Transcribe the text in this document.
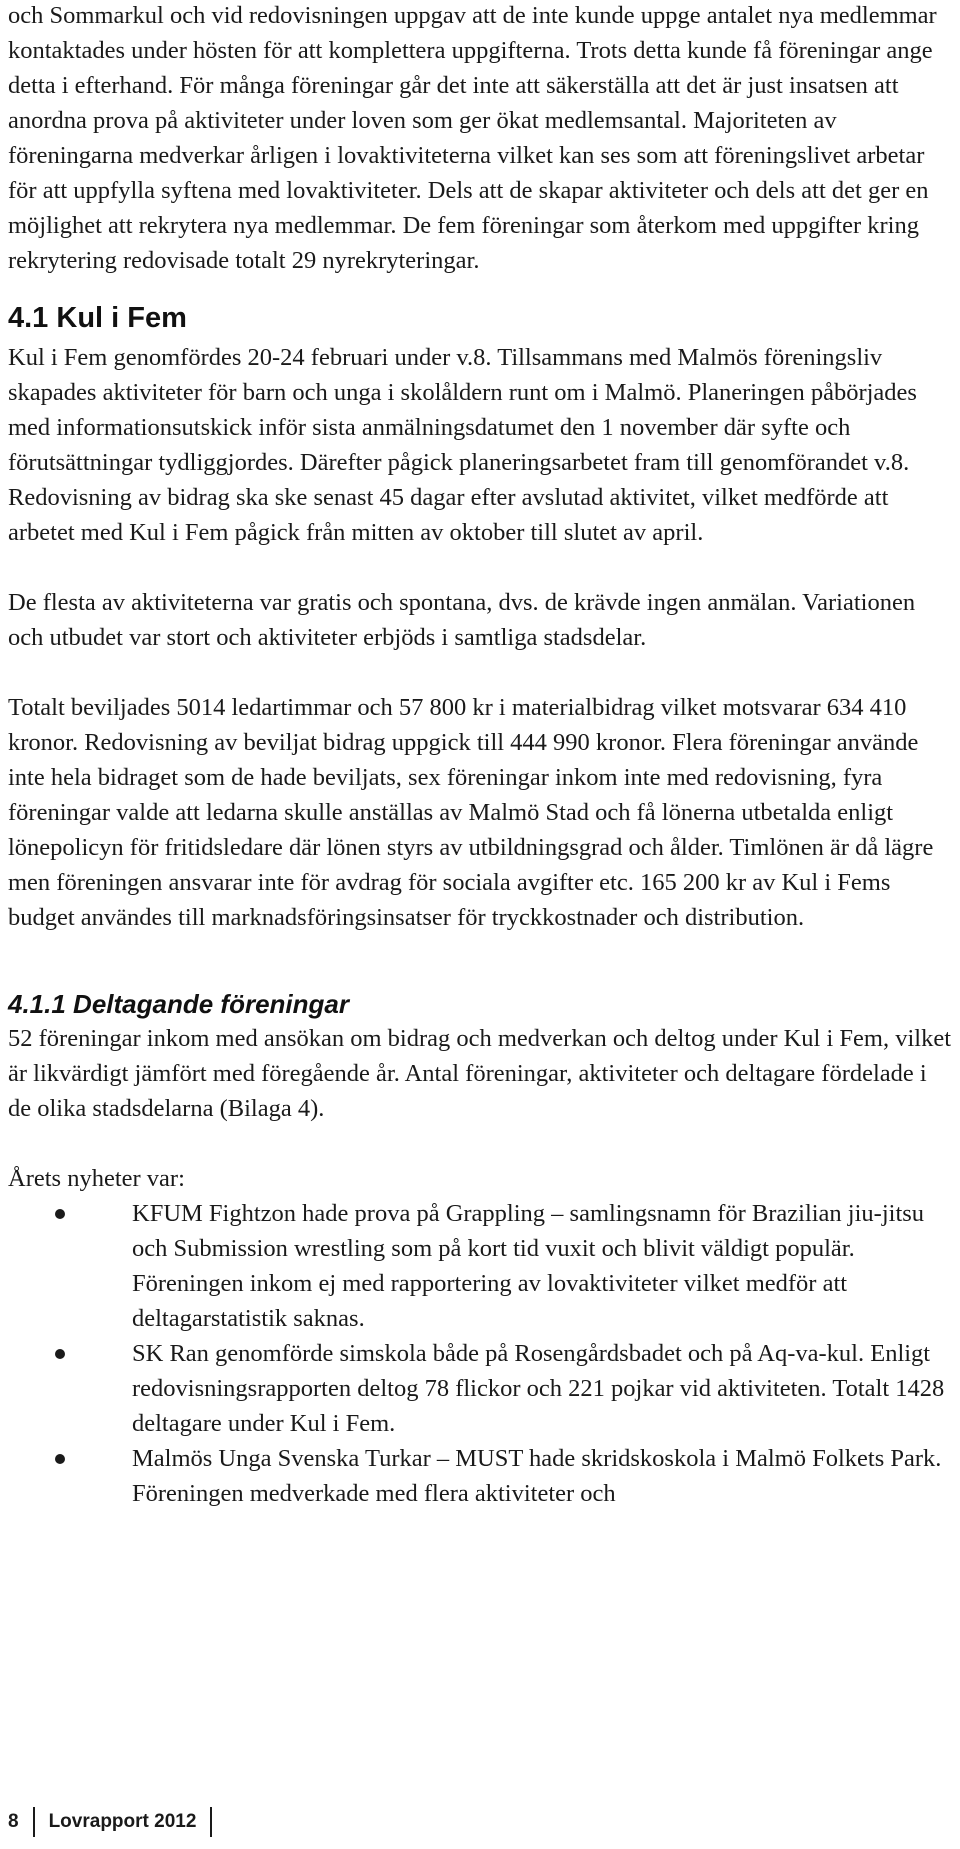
och Sommarkul och vid redovisningen uppgav att de inte kunde uppge antalet nya medlemmar kontaktades under hösten för att komplettera uppgifterna. Trots detta kunde få föreningar ange detta i efterhand. För många föreningar går det inte att säkerställa att det är just insatsen att anordna prova på aktiviteter under loven som ger ökat medlemsantal. Majoriteten av föreningarna medverkar årligen i lovaktiviteterna vilket kan ses som att föreningslivet arbetar för att uppfylla syftena med lovaktiviteter. Dels att de skapar aktiviteter och dels att det ger en möjlighet att rekrytera nya medlemmar. De fem föreningar som återkom med uppgifter kring rekrytering redovisade totalt 29 nyrekryteringar.

4.1 Kul i Fem

Kul i Fem genomfördes 20-24 februari under v.8. Tillsammans med Malmös föreningsliv skapades aktiviteter för barn och unga i skolåldern runt om i Malmö. Planeringen påbörjades med informationsutskick inför sista anmälningsdatumet den 1 november där syfte och förutsättningar tydliggjordes. Därefter pågick planeringsarbetet fram till genomförandet v.8. Redovisning av bidrag ska ske senast 45 dagar efter avslutad aktivitet, vilket medförde att arbetet med Kul i Fem pågick från mitten av oktober till slutet av april.

De flesta av aktiviteterna var gratis och spontana, dvs. de krävde ingen anmälan. Variationen och utbudet var stort och aktiviteter erbjöds i samtliga stadsdelar.

Totalt beviljades 5014 ledartimmar och 57 800 kr i materialbidrag vilket motsvarar 634 410 kronor. Redovisning av beviljat bidrag uppgick till 444 990 kronor. Flera föreningar använde inte hela bidraget som de hade beviljats, sex föreningar inkom inte med redovisning, fyra föreningar valde att ledarna skulle anställas av Malmö Stad och få lönerna utbetalda enligt lönepolicyn för fritidsledare där lönen styrs av utbildningsgrad och ålder. Timlönen är då lägre men föreningen ansvarar inte för avdrag för sociala avgifter etc. 165 200 kr av Kul i Fems budget användes till marknadsföringsinsatser för tryckkostnader och distribution.

4.1.1 Deltagande föreningar

52 föreningar inkom med ansökan om bidrag och medverkan och deltog under Kul i Fem, vilket är likvärdigt jämfört med föregående år. Antal föreningar, aktiviteter och deltagare fördelade i de olika stadsdelarna (Bilaga 4).

Årets nyheter var:

KFUM Fightzon hade prova på Grappling – samlingsnamn för Brazilian jiu-jitsu och Submission wrestling som på kort tid vuxit och blivit väldigt populär. Föreningen inkom ej med rapportering av lovaktiviteter vilket medför att deltagarstatistik saknas.
SK Ran genomförde simskola både på Rosengårdsbadet och på Aq-va-kul. Enligt redovisningsrapporten deltog 78 flickor och 221 pojkar vid aktiviteten. Totalt 1428 deltagare under Kul i Fem.
Malmös Unga Svenska Turkar – MUST hade skridskoskola i Malmö Folkets Park. Föreningen medverkade med flera aktiviteter och
8 Lovrapport 2012
